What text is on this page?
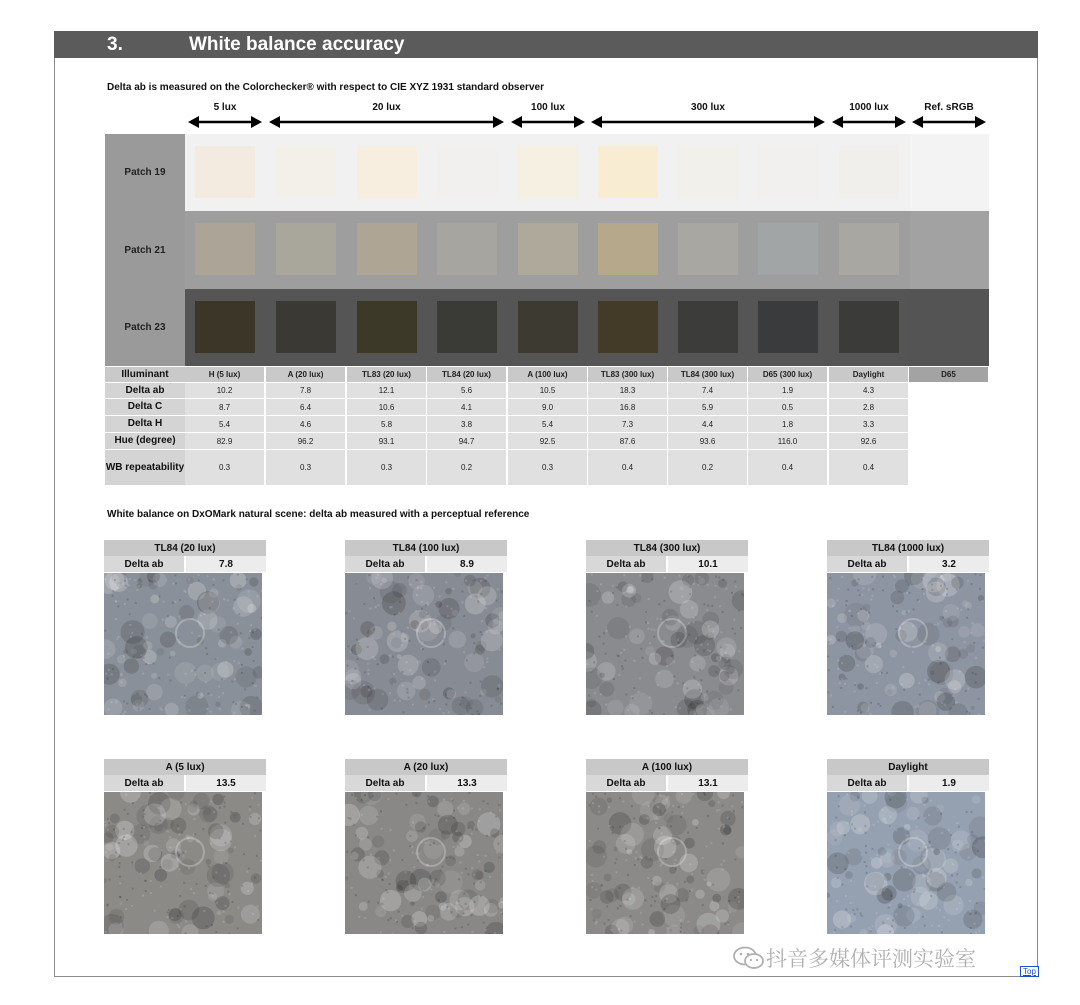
3.	White balance accuracy
Delta ab is measured on the Colorchecker® with respect to CIE XYZ 1931 standard observer
5 lux	20 lux	100 lux	300 lux	1000 lux	Ref. sRGB
Patch 19
Patch 21
Patch 23
Illuminant	H (5 lux)	A (20 lux)	TL83 (20 lux)	TL84 (20 lux)	A (100 lux)	TL83 (300 lux)	TL84 (300 lux)	D65 (300 lux)	Daylight	D65
Delta ab	10.2	7.8	12.1	5.6	10.5	18.3	7.4	1.9	4.3
Delta C	8.7	6.4	10.6	4.1	9.0	16.8	5.9	0.5	2.8
Delta H	5.4	4.6	5.8	3.8	5.4	7.3	4.4	1.8	3.3
Hue (degree)	82.9	96.2	93.1	94.7	92.5	87.6	93.6	116.0	92.6
WB repeatability	0.3	0.3	0.3	0.2	0.3	0.4	0.2	0.4	0.4
White balance on DxOMark natural scene: delta ab measured with a perceptual reference
TL84 (20 lux)
Delta ab	7.8
TL84 (100 lux)
Delta ab	8.9
TL84 (300 lux)
Delta ab	10.1
TL84 (1000 lux)
Delta ab	3.2
A (5 lux)
Delta ab	13.5
A (20 lux)
Delta ab	13.3
A (100 lux)
Delta ab	13.1
Daylight
Delta ab	1.9
抖音多媒体评测实验室
Top
